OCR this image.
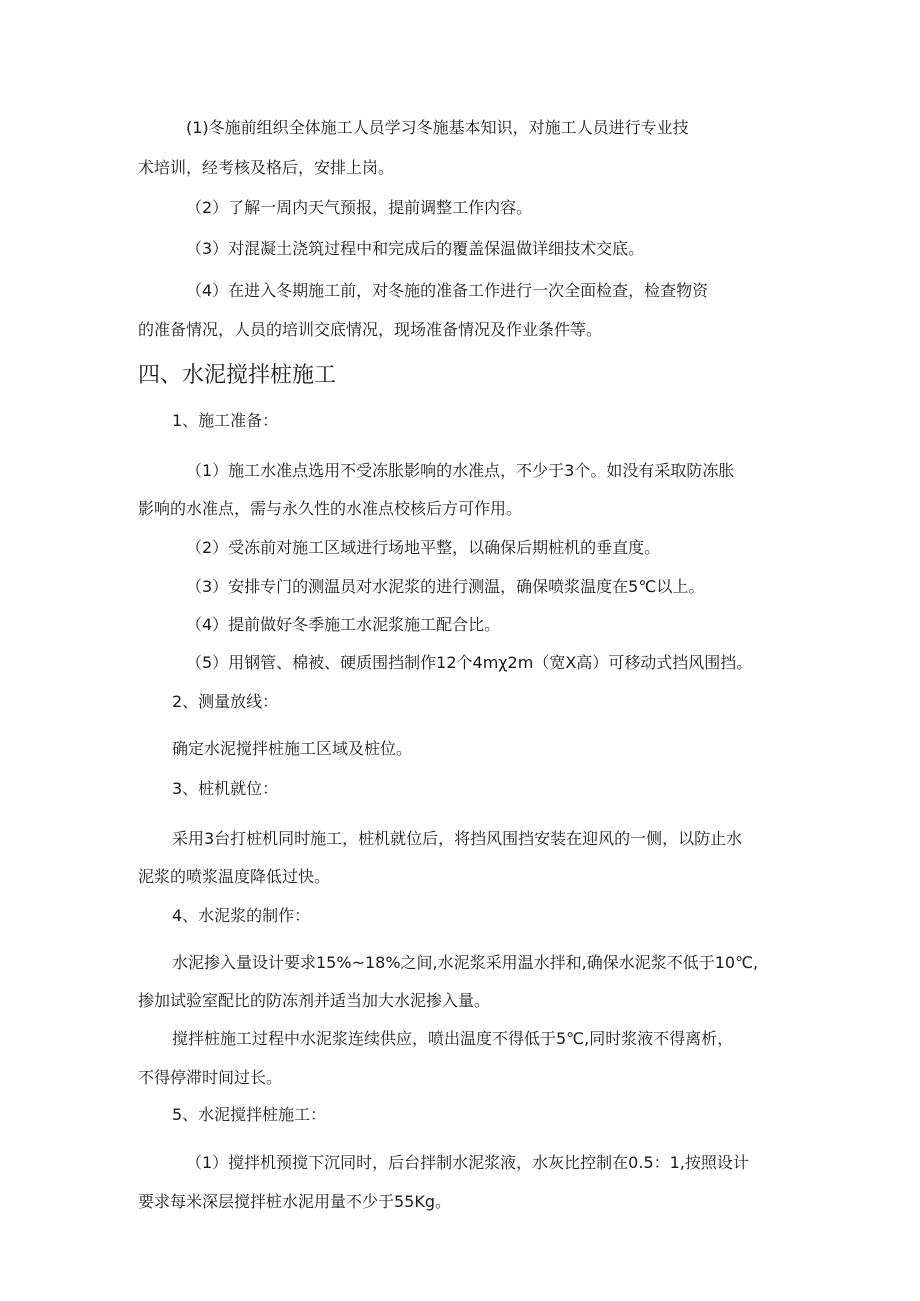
(1)冬施前组织全体施工人员学习冬施基本知识，对施工人员进行专业技
术培训，经考核及格后，安排上岗。
（2）了解一周内天气预报，提前调整工作内容。
（3）对混凝土浇筑过程中和完成后的覆盖保温做详细技术交底。
（4）在进入冬期施工前，对冬施的准备工作进行一次全面检查，检查物资
的准备情况，人员的培训交底情况，现场准备情况及作业条件等。
四、水泥搅拌桩施工
1、施工准备：
（1）施工水准点选用不受冻胀影响的水准点，不少于3个。如没有采取防冻胀
影响的水准点，需与永久性的水准点校核后方可作用。
（2）受冻前对施工区域进行场地平整，以确保后期桩机的垂直度。
（3）安排专门的测温员对水泥浆的进行测温，确保喷浆温度在5℃以上。
（4）提前做好冬季施工水泥浆施工配合比。
（5）用钢管、棉被、硬质围挡制作12个4mχ2m（宽X高）可移动式挡风围挡。
2、测量放线：
确定水泥搅拌桩施工区域及桩位。
3、桩机就位：
采用3台打桩机同时施工，桩机就位后，将挡风围挡安装在迎风的一侧，以防止水
泥浆的喷浆温度降低过快。
4、水泥浆的制作：
水泥掺入量设计要求15%~18%之间,水泥浆采用温水拌和,确保水泥浆不低于10℃,
掺加试验室配比的防冻剂并适当加大水泥掺入量。
搅拌桩施工过程中水泥浆连续供应，喷出温度不得低于5℃,同时浆液不得离析，
不得停滞时间过长。
5、水泥搅拌桩施工：
（1）搅拌机预搅下沉同时，后台拌制水泥浆液，水灰比控制在0.5：1,按照设计
要求每米深层搅拌桩水泥用量不少于55Kg。
